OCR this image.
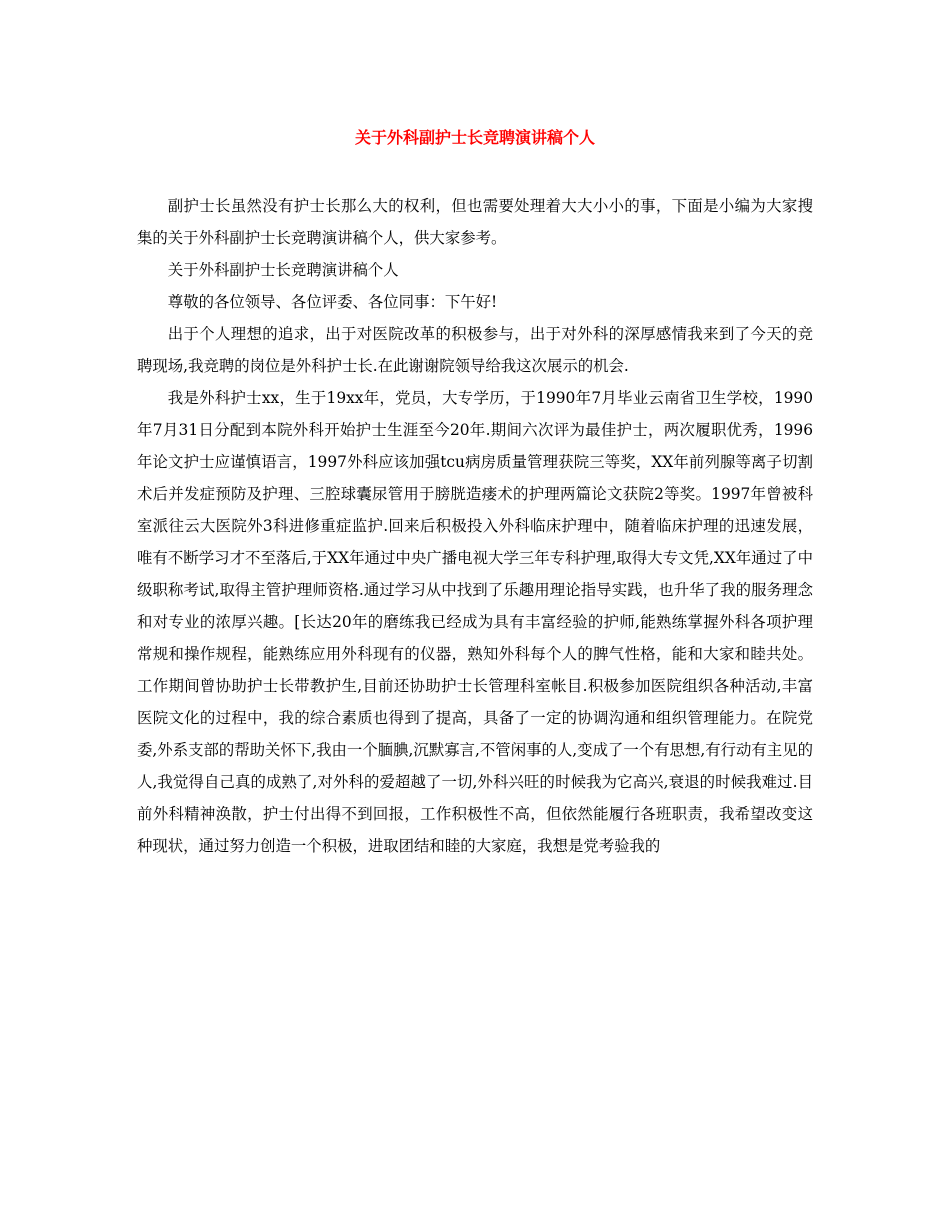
关于外科副护士长竞聘演讲稿个人

副护士长虽然没有护士长那么大的权利，但也需要处理着大大小小的事，下面是小编为大家搜集的关于外科副护士长竞聘演讲稿个人，供大家参考。

关于外科副护士长竞聘演讲稿个人

尊敬的各位领导、各位评委、各位同事：下午好!

出于个人理想的追求，出于对医院改革的积极参与，出于对外科的深厚感情我来到了今天的竞聘现场,我竞聘的岗位是外科护士长.在此谢谢院领导给我这次展示的机会.

我是外科护士xx，生于19xx年，党员，大专学历，于1990年7月毕业云南省卫生学校，1990年7月31日分配到本院外科开始护士生涯至今20年.期间六次评为最佳护士，两次履职优秀，1996年论文护士应谨慎语言，1997外科应该加强tcu病房质量管理获院三等奖，XX年前列腺等离子切割术后并发症预防及护理、三腔球囊尿管用于膀胱造瘘术的护理两篇论文获院2等奖。1997年曾被科室派往云大医院外3科进修重症监护.回来后积极投入外科临床护理中，随着临床护理的迅速发展，唯有不断学习才不至落后,于XX年通过中央广播电视大学三年专科护理,取得大专文凭,XX年通过了中级职称考试,取得主管护理师资格.通过学习从中找到了乐趣用理论指导实践，也升华了我的服务理念和对专业的浓厚兴趣。[长达20年的磨练我已经成为具有丰富经验的护师,能熟练掌握外科各项护理常规和操作规程，能熟练应用外科现有的仪器，熟知外科每个人的脾气性格，能和大家和睦共处。工作期间曾协助护士长带教护生,目前还协助护士长管理科室帐目.积极参加医院组织各种活动,丰富医院文化的过程中，我的综合素质也得到了提高，具备了一定的协调沟通和组织管理能力。在院党委,外系支部的帮助关怀下,我由一个腼腆,沉默寡言,不管闲事的人,变成了一个有思想,有行动有主见的人,我觉得自己真的成熟了,对外科的爱超越了一切,外科兴旺的时候我为它高兴,衰退的时候我难过.目前外科精神涣散，护士付出得不到回报，工作积极性不高，但依然能履行各班职责，我希望改变这种现状，通过努力创造一个积极，进取团结和睦的大家庭，我想是党考验我的
